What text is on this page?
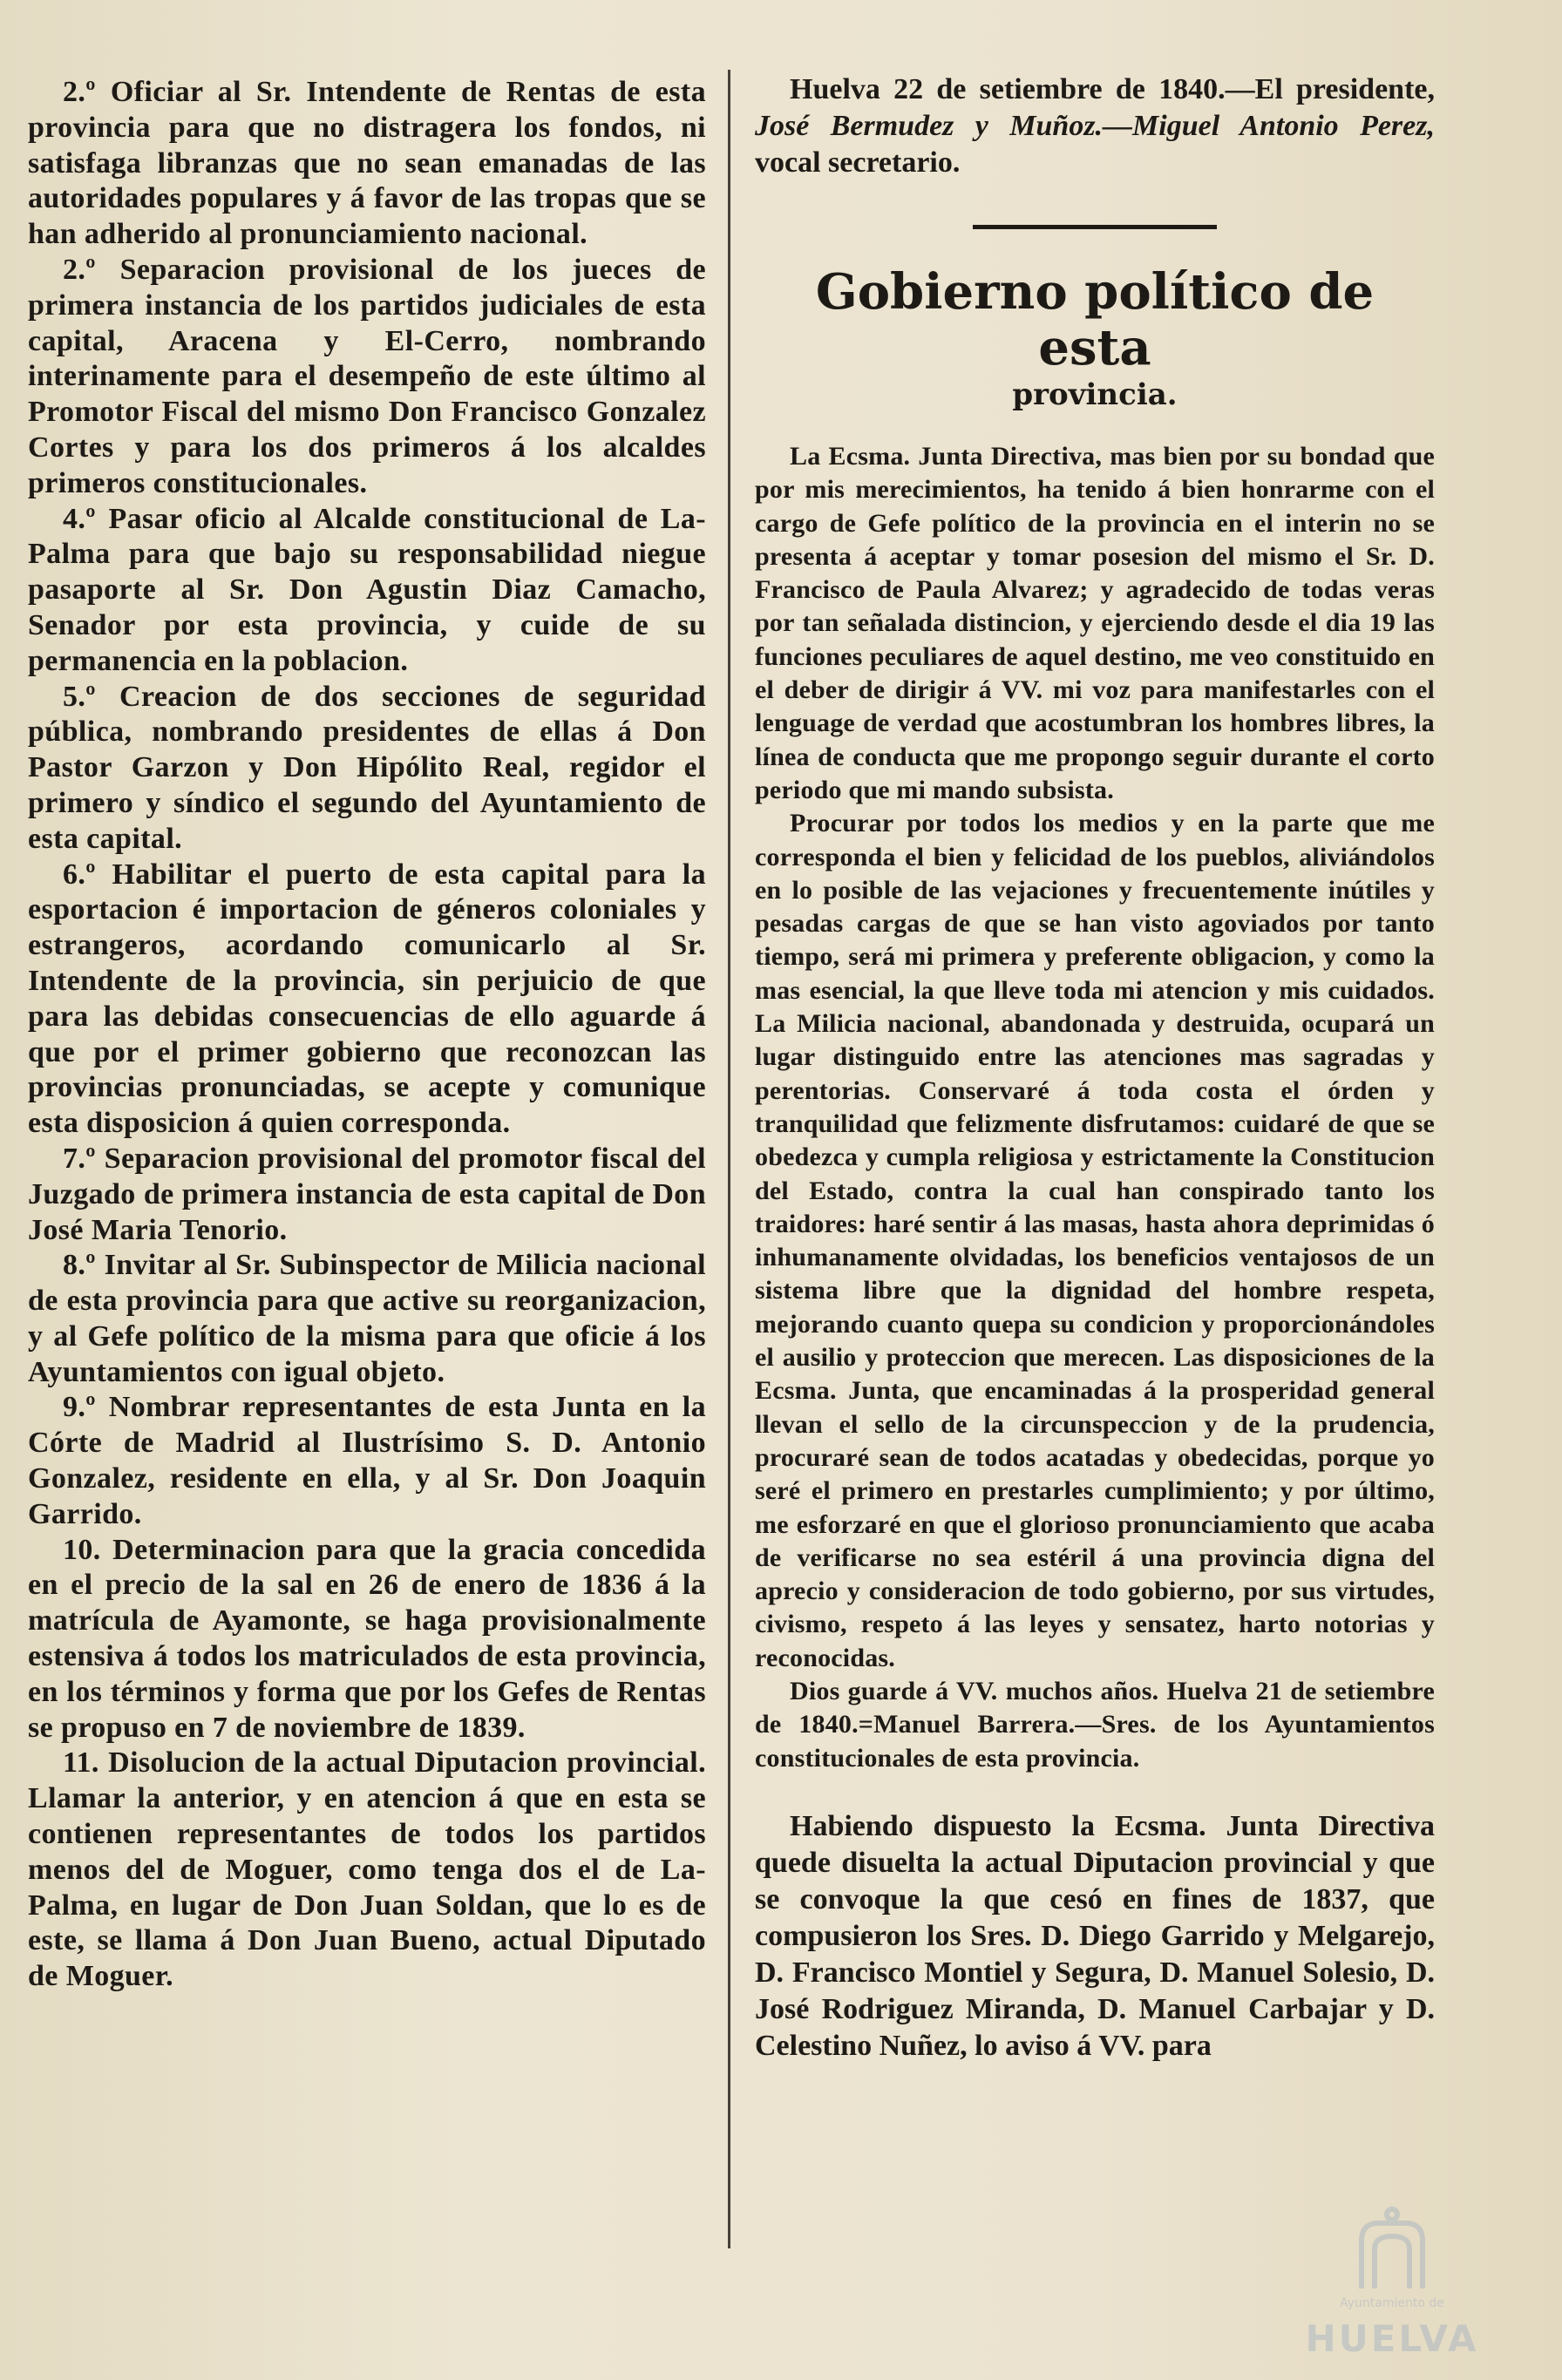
2.º Oficiar al Sr. Intendente de Rentas de esta provincia para que no distragera los fondos, ni satisfaga libranzas que no sean emanadas de las autoridades populares y á favor de las tropas que se han adherido al pronunciamiento nacional.

2.º Separacion provisional de los jueces de primera instancia de los partidos judiciales de esta capital, Aracena y El-Cerro, nombrando interinamente para el desempeño de este último al Promotor Fiscal del mismo Don Francisco Gonzalez Cortes y para los dos primeros á los alcaldes primeros constitucionales.

4.º Pasar oficio al Alcalde constitucional de La-Palma para que bajo su responsabilidad niegue pasaporte al Sr. Don Agustin Diaz Camacho, Senador por esta provincia, y cuide de su permanencia en la poblacion.

5.º Creacion de dos secciones de seguridad pública, nombrando presidentes de ellas á Don Pastor Garzon y Don Hipólito Real, regidor el primero y síndico el segundo del Ayuntamiento de esta capital.

6.º Habilitar el puerto de esta capital para la esportacion é importacion de géneros coloniales y estrangeros, acordando comunicarlo al Sr. Intendente de la provincia, sin perjuicio de que para las debidas consecuencias de ello aguarde á que por el primer gobierno que reconozcan las provincias pronunciadas, se acepte y comunique esta disposicion á quien corresponda.

7.º Separacion provisional del promotor fiscal del Juzgado de primera instancia de esta capital de Don José Maria Tenorio.

8.º Invitar al Sr. Subinspector de Milicia nacional de esta provincia para que active su reorganizacion, y al Gefe político de la misma para que oficie á los Ayuntamientos con igual objeto.

9.º Nombrar representantes de esta Junta en la Córte de Madrid al Ilustrísimo S. D. Antonio Gonzalez, residente en ella, y al Sr. Don Joaquin Garrido.

10. Determinacion para que la gracia concedida en el precio de la sal en 26 de enero de 1836 á la matrícula de Ayamonte, se haga provisionalmente estensiva á todos los matriculados de esta provincia, en los términos y forma que por los Gefes de Rentas se propuso en 7 de noviembre de 1839.

11. Disolucion de la actual Diputacion provincial. Llamar la anterior, y en atencion á que en esta se contienen representantes de todos los partidos menos del de Moguer, como tenga dos el de La-Palma, en lugar de Don Juan Soldan, que lo es de este, se llama á Don Juan Bueno, actual Diputado de Moguer.

Huelva 22 de setiembre de 1840.—El presidente, José Bermudez y Muñoz.—Miguel Antonio Perez, vocal secretario.

Gobierno político de esta
provincia.

La Ecsma. Junta Directiva, mas bien por su bondad que por mis merecimientos, ha tenido á bien honrarme con el cargo de Gefe político de la provincia en el interin no se presenta á aceptar y tomar posesion del mismo el Sr. D. Francisco de Paula Alvarez; y agradecido de todas veras por tan señalada distincion, y ejerciendo desde el dia 19 las funciones peculiares de aquel destino, me veo constituido en el deber de dirigir á VV. mi voz para manifestarles con el lenguage de verdad que acostumbran los hombres libres, la línea de conducta que me propongo seguir durante el corto periodo que mi mando subsista.

Procurar por todos los medios y en la parte que me corresponda el bien y felicidad de los pueblos, aliviándolos en lo posible de las vejaciones y frecuentemente inútiles y pesadas cargas de que se han visto agoviados por tanto tiempo, será mi primera y preferente obligacion, y como la mas esencial, la que lleve toda mi atencion y mis cuidados. La Milicia nacional, abandonada y destruida, ocupará un lugar distinguido entre las atenciones mas sagradas y perentorias. Conservaré á toda costa el órden y tranquilidad que felizmente disfrutamos: cuidaré de que se obedezca y cumpla religiosa y estrictamente la Constitucion del Estado, contra la cual han conspirado tanto los traidores: haré sentir á las masas, hasta ahora deprimidas ó inhumanamente olvidadas, los beneficios ventajosos de un sistema libre que la dignidad del hombre respeta, mejorando cuanto quepa su condicion y proporcionándoles el ausilio y proteccion que merecen. Las disposiciones de la Ecsma. Junta, que encaminadas á la prosperidad general llevan el sello de la circunspeccion y de la prudencia, procuraré sean de todos acatadas y obedecidas, porque yo seré el primero en prestarles cumplimiento; y por último, me esforzaré en que el glorioso pronunciamiento que acaba de verificarse no sea estéril á una provincia digna del aprecio y consideracion de todo gobierno, por sus virtudes, civismo, respeto á las leyes y sensatez, harto notorias y reconocidas.

Dios guarde á VV. muchos años. Huelva 21 de setiembre de 1840.=Manuel Barrera.—Sres. de los Ayuntamientos constitucionales de esta provincia.

Habiendo dispuesto la Ecsma. Junta Directiva quede disuelta la actual Diputacion provincial y que se convoque la que cesó en fines de 1837, que compusieron los Sres. D. Diego Garrido y Melgarejo, D. Francisco Montiel y Segura, D. Manuel Solesio, D. José Rodriguez Miranda, D. Manuel Carbajar y D. Celestino Nuñez, lo aviso á VV. para

Ayuntamiento de
HUELVA
